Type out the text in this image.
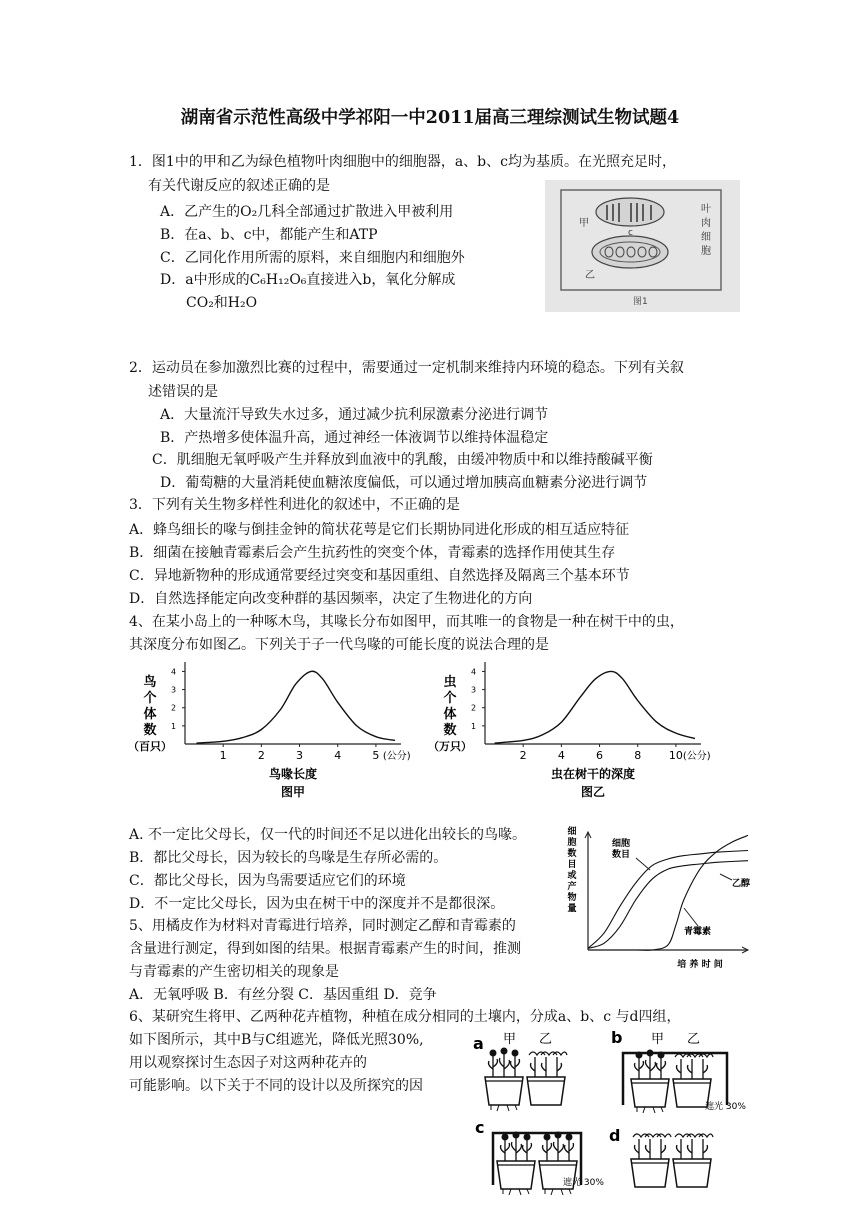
湖南省示范性高级中学祁阳一中2011届高三理综测试生物试题4
1．图1中的甲和乙为绿色植物叶肉细胞中的细胞器，a、b、c均为基质。在光照充足时，
有关代谢反应的叙述正确的是
A．乙产生的O₂几科全部通过扩散进入甲被利用
B．在a、b、c中，都能产生和ATP
C．乙同化作用所需的原料，来自细胞内和细胞外
D．a中形成的C₆H₁₂O₆直接进入b，氧化分解成
CO₂和H₂O
甲
c
乙
叶
肉
细
胞
图1
2．运动员在参加激烈比赛的过程中，需要通过一定机制来维持内环境的稳态。下列有关叙
述错误的是
A．大量流汗导致失水过多，通过减少抗利尿激素分泌进行调节
B．产热增多使体温升高，通过神经一体液调节以维持体温稳定
C．肌细胞无氧呼吸产生并释放到血液中的乳酸，由缓冲物质中和以维持酸碱平衡
D．葡萄糖的大量消耗使血糖浓度偏低，可以通过增加胰高血糖素分泌进行调节
3．下列有关生物多样性利进化的叙述中，不正确的是
A．蜂鸟细长的喙与倒挂金钟的简状花萼是它们长期协同进化形成的相互适应特征
B．细菌在接触青霉素后会产生抗药性的突变个体，青霉素的选择作用使其生存
C．异地新物种的形成通常要经过突变和基因重组、自然选择及隔离三个基本环节
D．自然选择能定向改变种群的基因频率，决定了生物进化的方向
4、在某小岛上的一种啄木鸟，其喙长分布如图甲，而其唯一的食物是一种在树干中的虫，
其深度分布如图乙。下列关于子一代鸟喙的可能长度的说法合理的是
鸟
个
体
数
（百只）
1
2
3
4
1	2	3	4	5 (公分)
鸟喙长度
图甲
虫
个
体
数
（万只）
1
2
3
4
2	4	6	8	10 (公分)
虫在树干的深度
图乙
A. 不一定比父母长，仅一代的时间还不足以进化出较长的鸟喙。
B．都比父母长，因为较长的鸟喙是生存所必需的。
C．都比父母长，因为鸟需要适应它们的环境
D．不一定比父母长，因为虫在树干中的深度并不是都很深。
5、用橘皮作为材料对青霉进行培养，同时测定乙醇和青霉素的
含量进行测定，得到如图的结果。根据青霉素产生的时间，推测
与青霉素的产生密切相关的现象是
A．无氧呼吸 B．有丝分裂 C．基因重组 D．竞争
细
胞
数
目
或
产
物
量
培 养 时 间
细胞
数目
乙醇
青霉素
6、某研究生将甲、乙两种花卉植物，种植在成分相同的土壤内，分成a、b、c 与d四组，
如下图所示，其中B与C组遮光，降低光照30%,
用以观察探讨生态因子对这两种花卉的
可能影响。以下关于不同的设计以及所探究的因
a 甲 乙	b 甲 乙
遮光 30%
c
遮光 30%
d
